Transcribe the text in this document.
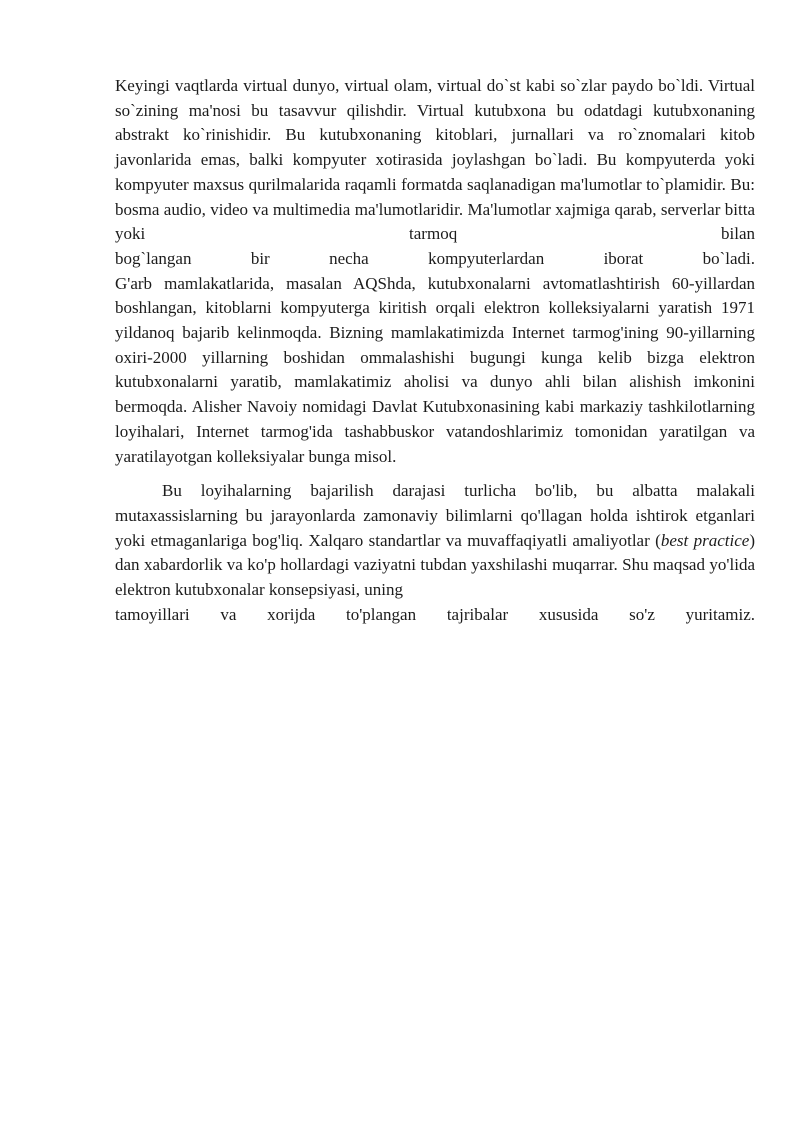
Keyingi vaqtlarda virtual dunyo, virtual olam, virtual do`st kabi so`zlar paydo bo`ldi. Virtual so`zining ma'nosi bu tasavvur qilishdir. Virtual kutubxona bu odatdagi kutubxonaning abstrakt ko`rinishidir. Bu kutubxonaning kitoblari, jurnallari va ro`znomalari kitob javonlarida emas, balki kompyuter xotirasida joylashgan bo`ladi. Bu kompyuterda yoki kompyuter maxsus qurilmalarida raqamli formatda saqlanadigan ma'lumotlar to`plamidir. Bu: bosma audio, video va multimedia ma'lumotlaridir. Ma'lumotlar xajmiga qarab, serverlar bitta yoki tarmoq bilan
bog`langan bir necha kompyuterlardan iborat bo`ladi.
G'arb mamlakatlarida, masalan AQShda, kutubxonalarni avtomatlashtirish 60-yillardan boshlangan, kitoblarni kompyuterga kiritish orqali elektron kolleksiyalarni yaratish 1971 yildanoq bajarib kelinmoqda. Bizning mamlakatimizda Internet tarmog'ining 90-yillarning oxiri-2000 yillarning boshidan ommalashishi bugungi kunga kelib bizga elektron kutubxonalarni yaratib, mamlakatimiz aholisi va dunyo ahli bilan alishish imkonini bermoqda. Alisher Navoiy nomidagi Davlat Kutubxonasining kabi markaziy tashkilotlarning loyihalari, Internet tarmog'ida tashabbuskor vatandoshlarimiz tomonidan yaratilgan va yaratilayotgan kolleksiyalar bunga misol.

Bu loyihalarning bajarilish darajasi turlicha bo'lib, bu albatta malakali mutaxassislarning bu jarayonlarda zamonaviy bilimlarni qo'llagan holda ishtirok etganlari yoki etmaganlariga bog'liq. Xalqaro standartlar va muvaffaqiyatli amaliyotlar (best practice) dan xabardorlik va ko'p hollardagi vaziyatni tubdan yaxshilashi muqarrar. Shu maqsad yo'lida elektron kutubxonalar konsepsiyasi, uning
tamoyillari va xorijda to'plangan tajribalar xususida so'z yuritamiz.
